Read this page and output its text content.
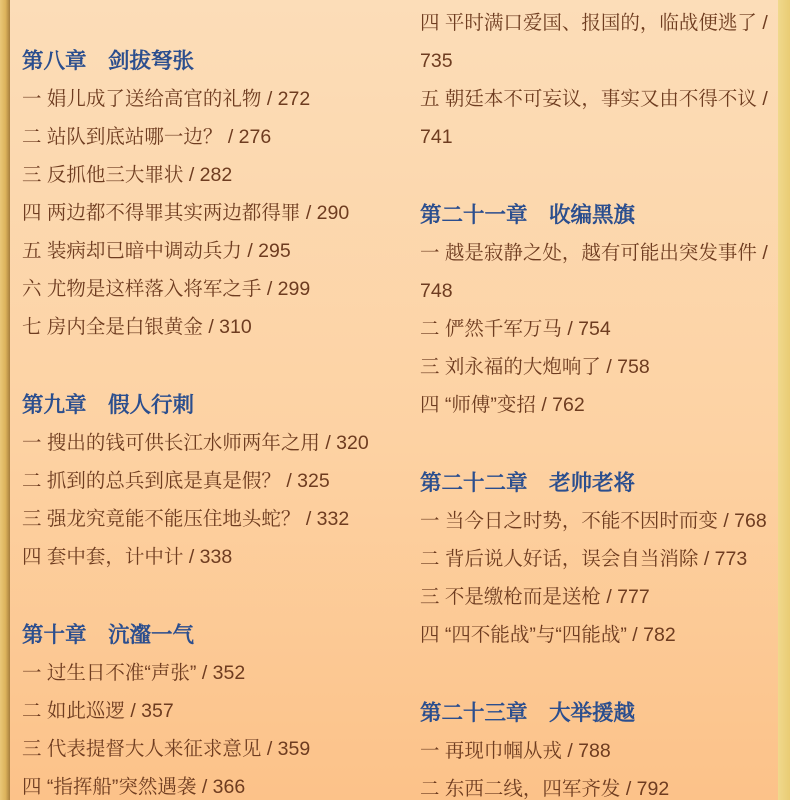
第八章　剑拔弩张
一 娟儿成了送给高官的礼物 / 272
二 站队到底站哪一边？ / 276
三 反抓他三大罪状 / 282
四 两边都不得罪其实两边都得罪 / 290
五 装病却已暗中调动兵力 / 295
六 尤物是这样落入将军之手 / 299
七 房内全是白银黄金 / 310
第九章　假人行刺
一 搜出的钱可供长江水师两年之用 / 320
二 抓到的总兵到底是真是假？ / 325
三 强龙究竟能不能压住地头蛇？ / 332
四 套中套，计中计 / 338
第十章　沆瀣一气
一 过生日不准“声张” / 352
二 如此巡逻 / 357
三 代表提督大人来征求意见 / 359
四 “指挥船”突然遇袭 / 366
四 平时满口爱国、报国的，临战便逃了 / 735
五 朝廷本不可妄议，事实又由不得不议 / 741
第二十一章　收编黑旗
一 越是寂静之处，越有可能出突发事件 / 748
二 俨然千军万马 / 754
三 刘永福的大炮响了 / 758
四 “师傅”变招 / 762
第二十二章　老帅老将
一 当今日之时势，不能不因时而变 / 768
二 背后说人好话，误会自当消除 / 773
三 不是缴枪而是送枪 / 777
四 “四不能战”与“四能战” / 782
第二十三章　大举援越
一 再现巾帼从戎 / 788
二 东西二线，四军齐发 / 792
